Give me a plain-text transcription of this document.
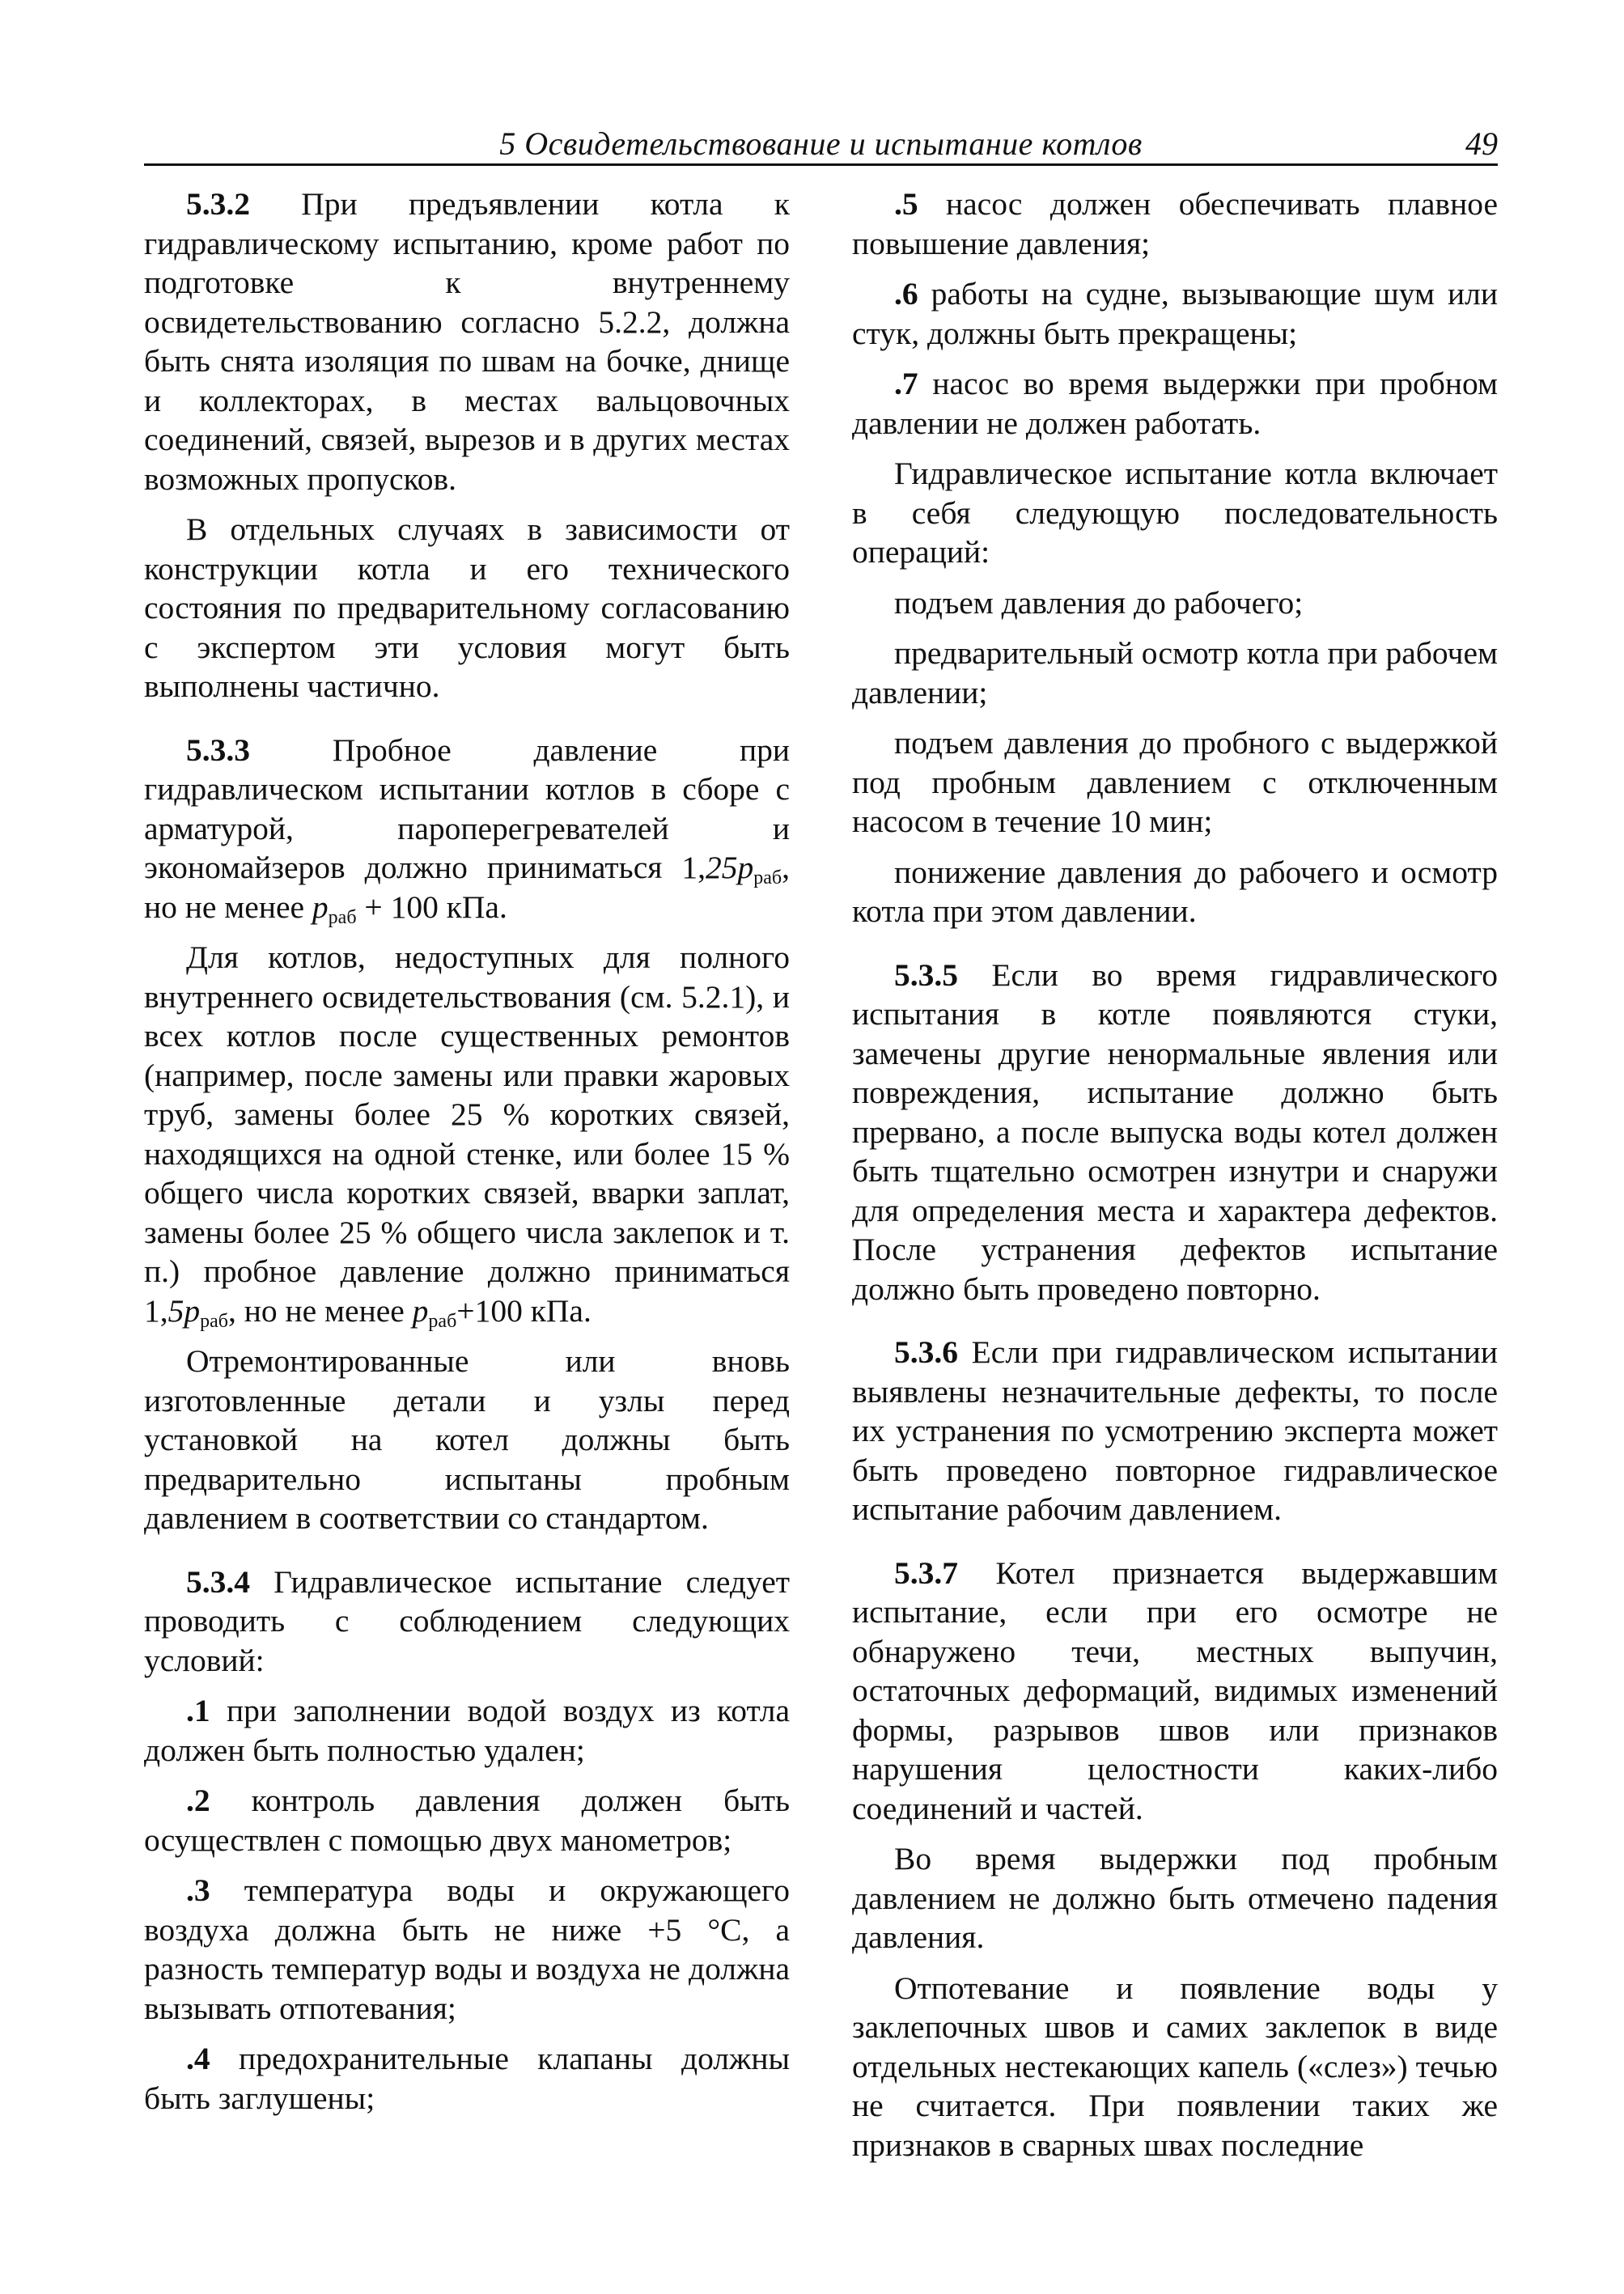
5 Освидетельствование и испытание котлов	49

5.3.2 При предъявлении котла к гидравлическому испытанию, кроме работ по подготовке к внутреннему освидетельствованию согласно 5.2.2, должна быть снята изоляция по швам на бочке, днище и коллекторах, в местах вальцовочных соединений, связей, вырезов и в других местах возможных пропусков.

В отдельных случаях в зависимости от конструкции котла и его технического состояния по предварительному согласованию с экспертом эти условия могут быть выполнены частично.

5.3.3 Пробное давление при гидравлическом испытании котлов в сборе с арматурой, пароперегревателей и экономайзеров должно приниматься $1,25p_{раб}$, но не менее $p_{раб} + 100$ кПа.

Для котлов, недоступных для полного внутреннего освидетельствования (см. 5.2.1), и всех котлов после существенных ремонтов (например, после замены или правки жаровых труб, замены более 25 % коротких связей, находящихся на одной стенке, или более 15 % общего числа коротких связей, вварки заплат, замены более 25 % общего числа заклепок и т. п.) пробное давление должно приниматься $1,5p_{раб}$, но не менее $p_{раб}+100$ кПа.

Отремонтированные или вновь изготовленные детали и узлы перед установкой на котел должны быть предварительно испытаны пробным давлением в соответствии со стандартом.

5.3.4 Гидравлическое испытание следует проводить с соблюдением следующих условий:

.1 при заполнении водой воздух из котла должен быть полностью удален;

.2 контроль давления должен быть осуществлен с помощью двух манометров;

.3 температура воды и окружающего воздуха должна быть не ниже +5 °С, а разность температур воды и воздуха не должна вызывать отпотевания;

.4 предохранительные клапаны должны быть заглушены;

.5 насос должен обеспечивать плавное повышение давления;

.6 работы на судне, вызывающие шум или стук, должны быть прекращены;

.7 насос во время выдержки при пробном давлении не должен работать.

Гидравлическое испытание котла включает в себя следующую последовательность операций:

подъем давления до рабочего;

предварительный осмотр котла при рабочем давлении;

подъем давления до пробного с выдержкой под пробным давлением с отключенным насосом в течение 10 мин;

понижение давления до рабочего и осмотр котла при этом давлении.

5.3.5 Если во время гидравлического испытания в котле появляются стуки, замечены другие ненормальные явления или повреждения, испытание должно быть прервано, а после выпуска воды котел должен быть тщательно осмотрен изнутри и снаружи для определения места и характера дефектов. После устранения дефектов испытание должно быть проведено повторно.

5.3.6 Если при гидравлическом испытании выявлены незначительные дефекты, то после их устранения по усмотрению эксперта может быть проведено повторное гидравлическое испытание рабочим давлением.

5.3.7 Котел признается выдержавшим испытание, если при его осмотре не обнаружено течи, местных выпучин, остаточных деформаций, видимых изменений формы, разрывов швов или признаков нарушения целостности каких-либо соединений и частей.

Во время выдержки под пробным давлением не должно быть отмечено падения давления.

Отпотевание и появление воды у заклепочных швов и самих заклепок в виде отдельных нестекающих капель («слез») течью не считается. При появлении таких же признаков в сварных швах последние
